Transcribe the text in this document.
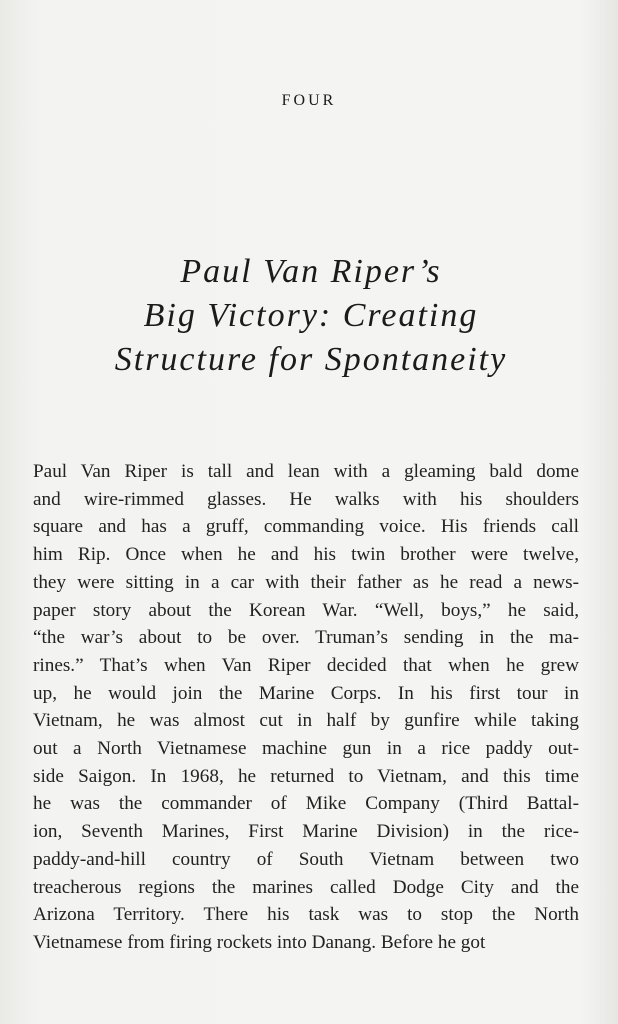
FOUR
Paul Van Riper’s
Big Victory: Creating
Structure for Spontaneity
Paul Van Riper is tall and lean with a gleaming bald dome
and wire-rimmed glasses. He walks with his shoulders
square and has a gruff, commanding voice. His friends call
him Rip. Once when he and his twin brother were twelve,
they were sitting in a car with their father as he read a news-
paper story about the Korean War. “Well, boys,” he said,
“the war’s about to be over. Truman’s sending in the ma-
rines.” That’s when Van Riper decided that when he grew
up, he would join the Marine Corps. In his first tour in
Vietnam, he was almost cut in half by gunfire while taking
out a North Vietnamese machine gun in a rice paddy out-
side Saigon. In 1968, he returned to Vietnam, and this time
he was the commander of Mike Company (Third Battal-
ion, Seventh Marines, First Marine Division) in the rice-
paddy-and-hill country of South Vietnam between two
treacherous regions the marines called Dodge City and the
Arizona Territory. There his task was to stop the North
Vietnamese from firing rockets into Danang. Before he got
